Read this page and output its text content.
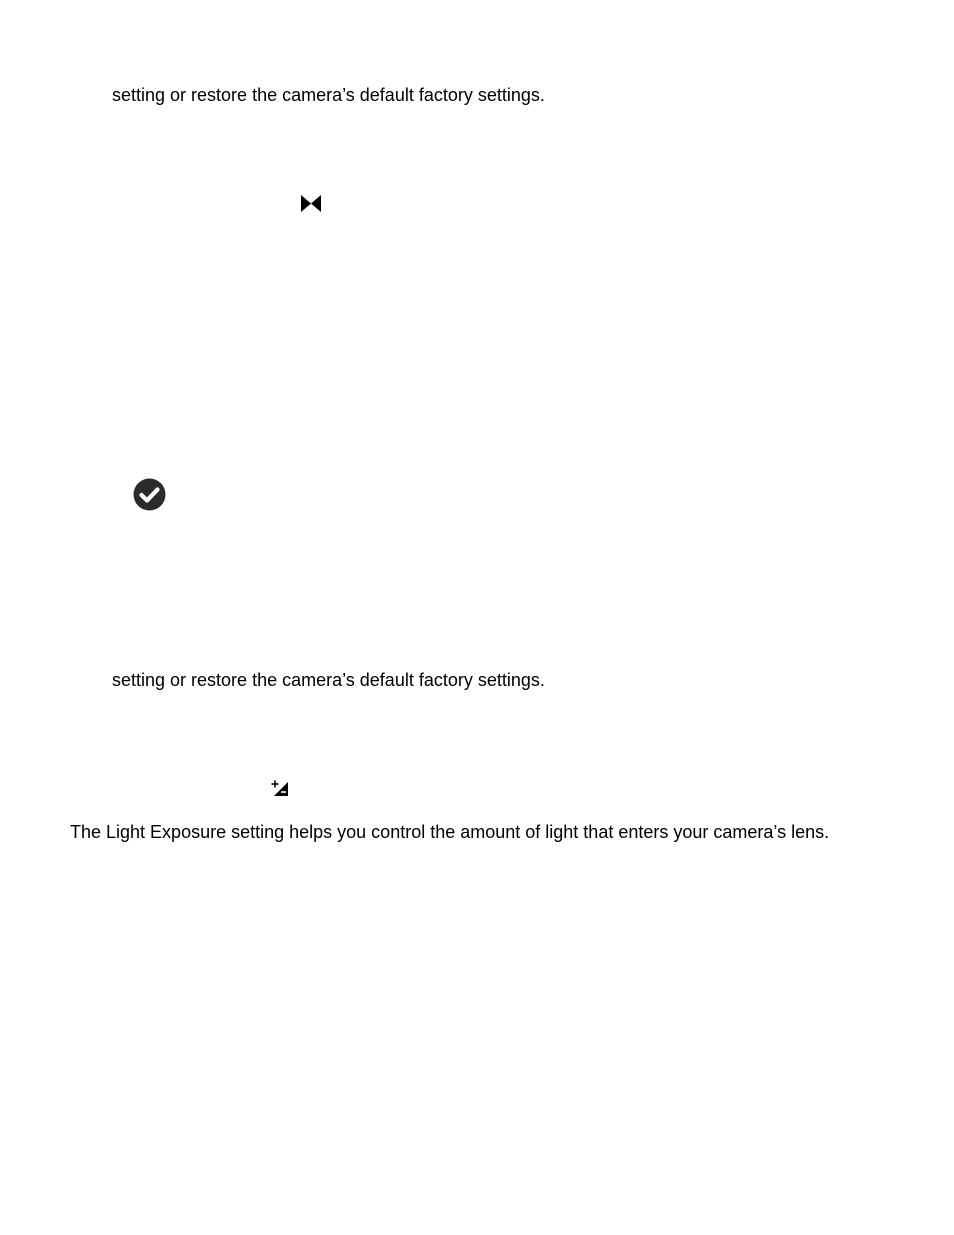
setting or restore the camera’s default factory settings.
setting or restore the camera’s default factory settings.
The Light Exposure setting helps you control the amount of light that enters your camera’s lens.
